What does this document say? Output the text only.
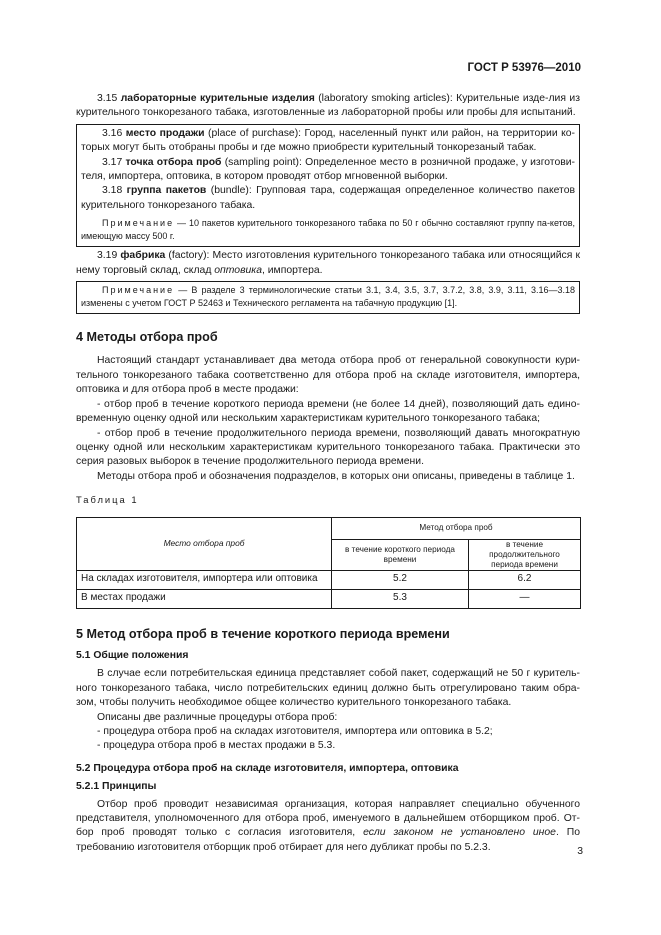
ГОСТ Р 53976—2010

3.15 лабораторные курительные изделия (laboratory smoking articles): Курительные изде-лия из курительного тонкорезаного табака, изготовленные из лабораторной пробы или пробы для испытаний.

3.16 место продажи (place of purchase): Город, населенный пункт или район, на территории ко-торых могут быть отобраны пробы и где можно приобрести курительный тонкорезаный табак.

3.17 точка отбора проб (sampling point): Определенное место в розничной продаже, у изготови-теля, импортера, оптовика, в котором проводят отбор мгновенной выборки.

3.18 группа пакетов (bundle): Групповая тара, содержащая определенное количество пакетов курительного тонкорезаного табака.

Примечание — 10 пакетов курительного тонкорезаного табака по 50 г обычно составляют группу па-кетов, имеющую массу 500 г.

3.19 фабрика (factory): Место изготовления курительного тонкорезаного табака или относящийся к нему торговый склад, склад оптовика, импортера.

Примечание — В разделе 3 терминологические статьи 3.1, 3.4, 3.5, 3.7, 3.7.2, 3.8, 3.9, 3.11, 3.16—3.18 изменены с учетом ГОСТ Р 52463 и Технического регламента на табачную продукцию [1].

4 Методы отбора проб

Настоящий стандарт устанавливает два метода отбора проб от генеральной совокупности кури-тельного тонкорезаного табака соответственно для отбора проб на складе изготовителя, импортера, оптовика и для отбора проб в месте продажи:

- отбор проб в течение короткого периода времени (не более 14 дней), позволяющий дать едино-временную оценку одной или нескольким характеристикам курительного тонкорезаного табака;

- отбор проб в течение продолжительного периода времени, позволяющий давать многократную оценку одной или нескольким характеристикам курительного тонкорезаного табака. Практически это серия разовых выборок в течение продолжительного периода времени.

Методы отбора проб и обозначения подразделов, в которых они описаны, приведены в таблице 1.

Таблица 1
Место отбора проб	Метод отбора проб	
	в течение короткого периода времени	в течение продолжительного периода времени
На складах изготовителя, импортера или оптовика	5.2	6.2
В местах продажи	5.3	—
5 Метод отбора проб в течение короткого периода времени
5.1 Общие положения

В случае если потребительская единица представляет собой пакет, содержащий не 50 г куритель-ного тонкорезаного табака, число потребительских единиц должно быть отрегулировано таким обра-зом, чтобы получить необходимое общее количество курительного тонкорезаного табака.

Описаны две различные процедуры отбора проб:

- процедура отбора проб на складах изготовителя, импортера или оптовика в 5.2;

- процедура отбора проб в местах продажи в 5.3.

5.2 Процедура отбора проб на складе изготовителя, импортера, оптовика
5.2.1 Принципы

Отбор проб проводит независимая организация, которая направляет специально обученного представителя, уполномоченного для отбора проб, именуемого в дальнейшем отборщиком проб. От-бор проб проводят только с согласия изготовителя, если законом не установлено иное. По требованию изготовителя отборщик проб отбирает для него дубликат пробы по 5.2.3.	3
